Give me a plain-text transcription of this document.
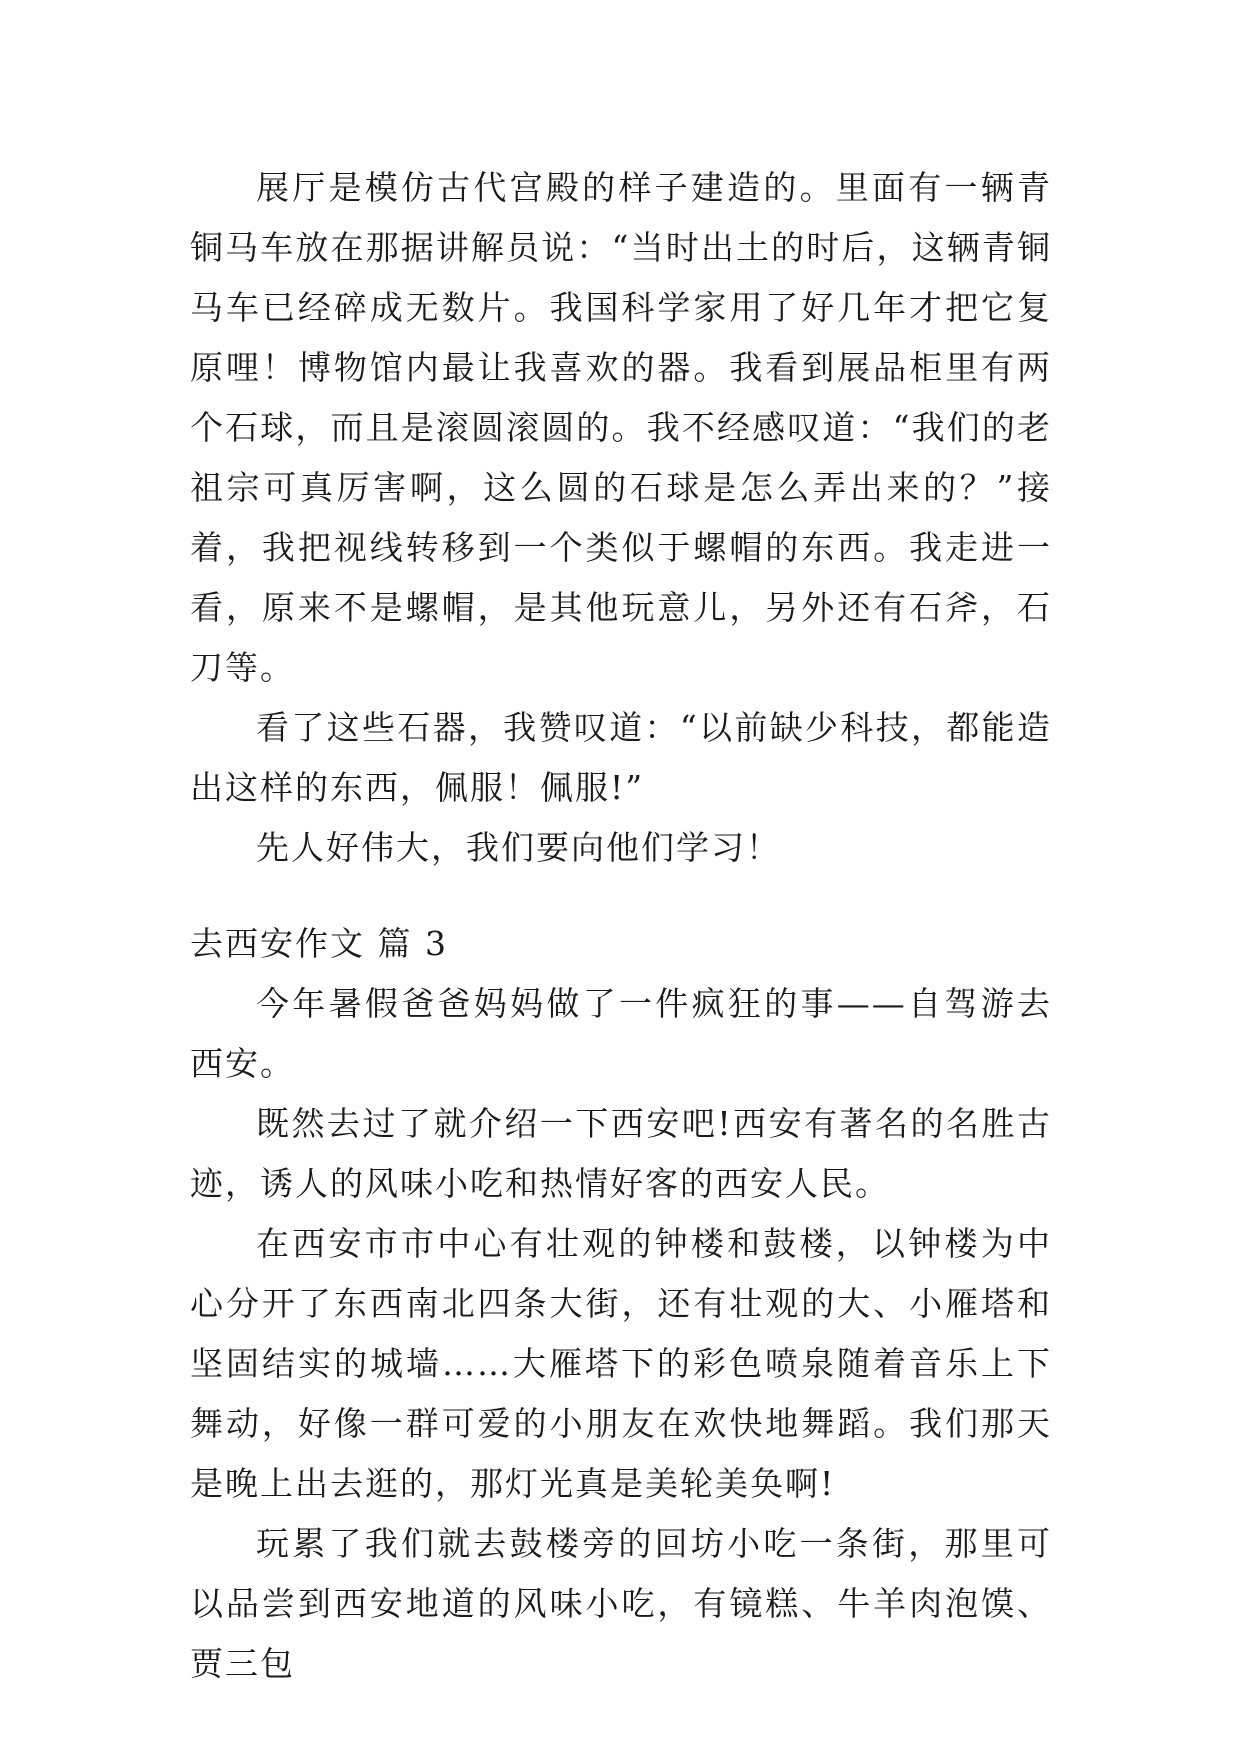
展厅是模仿古代宫殿的样子建造的。里面有一辆青铜马车放在那据讲解员说：“当时出土的时后，这辆青铜马车已经碎成无数片。我国科学家用了好几年才把它复原哩！博物馆内最让我喜欢的器。我看到展品柜里有两个石球，而且是滚圆滚圆的。我不经感叹道：“我们的老祖宗可真厉害啊，这么圆的石球是怎么弄出来的？”接着，我把视线转移到一个类似于螺帽的东西。我走进一看，原来不是螺帽，是其他玩意儿，另外还有石斧，石刀等。

看了这些石器，我赞叹道：“以前缺少科技，都能造出这样的东西，佩服！佩服!”

先人好伟大，我们要向他们学习！

去西安作文 篇 3

今年暑假爸爸妈妈做了一件疯狂的事——自驾游去西安。

既然去过了就介绍一下西安吧!西安有著名的名胜古迹，诱人的风味小吃和热情好客的西安人民。

在西安市市中心有壮观的钟楼和鼓楼，以钟楼为中心分开了东西南北四条大街，还有壮观的大、小雁塔和坚固结实的城墙……大雁塔下的彩色喷泉随着音乐上下舞动，好像一群可爱的小朋友在欢快地舞蹈。我们那天是晚上出去逛的，那灯光真是美轮美奂啊!

玩累了我们就去鼓楼旁的回坊小吃一条街，那里可以品尝到西安地道的风味小吃，有镜糕、牛羊肉泡馍、贾三包
